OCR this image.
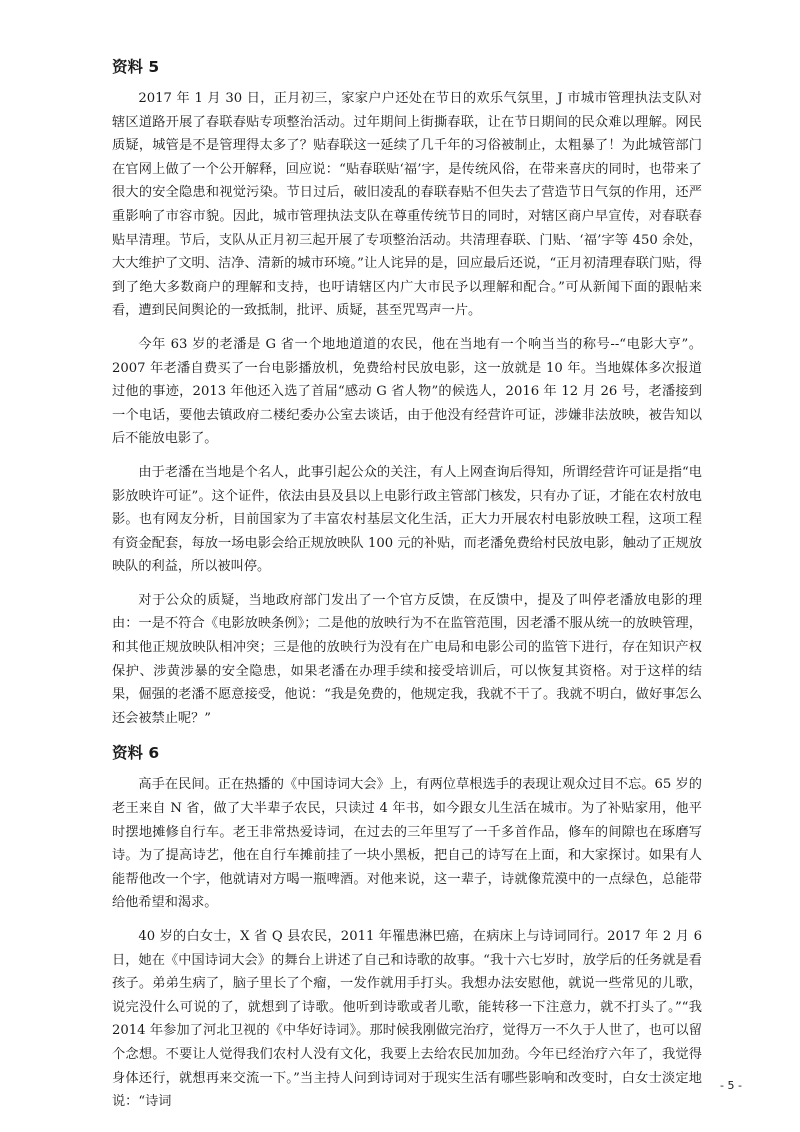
资料 5

2017 年 1 月 30 日，正月初三，家家户户还处在节日的欢乐气氛里，J 市城市管理执法支队对辖区道路开展了春联春贴专项整治活动。过年期间上街撕春联，让在节日期间的民众难以理解。网民质疑，城管是不是管理得太多了？贴春联这一延续了几千年的习俗被制止，太粗暴了！为此城管部门在官网上做了一个公开解释，回应说：“贴春联贴‘福’字，是传统风俗，在带来喜庆的同时，也带来了很大的安全隐患和视觉污染。节日过后，破旧凌乱的春联春贴不但失去了营造节日气氛的作用，还严重影响了市容市貌。因此，城市管理执法支队在尊重传统节日的同时，对辖区商户早宣传，对春联春贴早清理。节后，支队从正月初三起开展了专项整治活动。共清理春联、门贴、‘福’字等 450 余处，大大维护了文明、洁净、清新的城市环境。”让人诧异的是，回应最后还说，“正月初清理春联门贴，得到了绝大多数商户的理解和支持，也吁请辖区内广大市民予以理解和配合。”可从新闻下面的跟帖来看，遭到民间舆论的一致抵制，批评、质疑，甚至咒骂声一片。

今年 63 岁的老潘是 G 省一个地地道道的农民，他在当地有一个响当当的称号--“电影大亨”。2007 年老潘自费买了一台电影播放机，免费给村民放电影，这一放就是 10 年。当地媒体多次报道过他的事迹，2013 年他还入选了首届“感动 G 省人物”的候选人，2016 年 12 月 26 号，老潘接到一个电话，要他去镇政府二楼纪委办公室去谈话，由于他没有经营许可证，涉嫌非法放映，被告知以后不能放电影了。

由于老潘在当地是个名人，此事引起公众的关注，有人上网查询后得知，所谓经营许可证是指“电影放映许可证”。这个证件，依法由县及县以上电影行政主管部门核发，只有办了证，才能在农村放电影。也有网友分析，目前国家为了丰富农村基层文化生活，正大力开展农村电影放映工程，这项工程有资金配套，每放一场电影会给正规放映队 100 元的补贴，而老潘免费给村民放电影，触动了正规放映队的利益，所以被叫停。

对于公众的质疑，当地政府部门发出了一个官方反馈，在反馈中，提及了叫停老潘放电影的理由：一是不符合《电影放映条例》；二是他的放映行为不在监管范围，因老潘不服从统一的放映管理，和其他正规放映队相冲突；三是他的放映行为没有在广电局和电影公司的监管下进行，存在知识产权保护、涉黄涉暴的安全隐患，如果老潘在办理手续和接受培训后，可以恢复其资格。对于这样的结果，倔强的老潘不愿意接受，他说：“我是免费的，他规定我，我就不干了。我就不明白，做好事怎么还会被禁止呢？”

资料 6

高手在民间。正在热播的《中国诗词大会》上，有两位草根选手的表现让观众过目不忘。65 岁的老王来自 N 省，做了大半辈子农民，只读过 4 年书，如今跟女儿生活在城市。为了补贴家用，他平时摆地摊修自行车。老王非常热爱诗词，在过去的三年里写了一千多首作品，修车的间隙也在琢磨写诗。为了提高诗艺，他在自行车摊前挂了一块小黑板，把自己的诗写在上面，和大家探讨。如果有人能帮他改一个字，他就请对方喝一瓶啤酒。对他来说，这一辈子，诗就像荒漠中的一点绿色，总能带给他希望和渴求。

40 岁的白女士，X 省 Q 县农民，2011 年罹患淋巴癌，在病床上与诗词同行。2017 年 2 月 6 日，她在《中国诗词大会》的舞台上讲述了自己和诗歌的故事。“我十六七岁时，放学后的任务就是看孩子。弟弟生病了，脑子里长了个瘤，一发作就用手打头。我想办法安慰他，就说一些常见的儿歌，说完没什么可说的了，就想到了诗歌。他听到诗歌或者儿歌，能转移一下注意力，就不打头了。”“我 2014 年参加了河北卫视的《中华好诗词》。那时候我刚做完治疗，觉得万一不久于人世了，也可以留个念想。不要让人觉得我们农村人没有文化，我要上去给农民加加劲。今年已经治疗六年了，我觉得身体还行，就想再来交流一下。”当主持人问到诗词对于现实生活有哪些影响和改变时，白女士淡定地说：“诗词

- 5 -
